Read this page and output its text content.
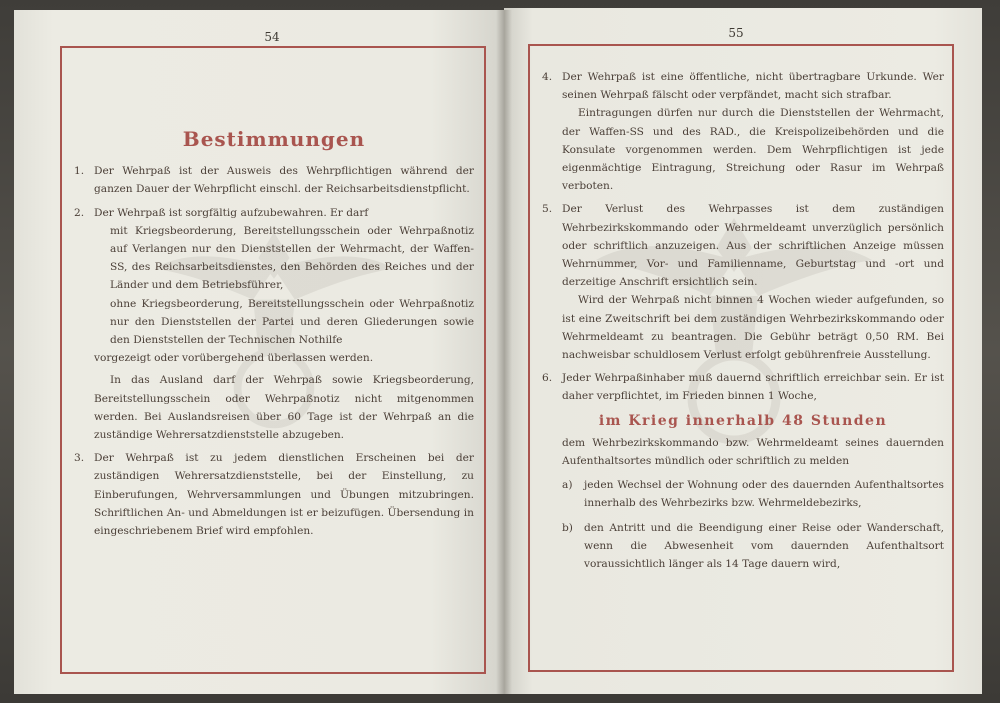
54
Bestimmungen
1. Der Wehrpaß ist der Ausweis des Wehrpflichtigen während der ganzen Dauer der Wehrpflicht einschl. der Reichsarbeitsdienstpflicht.
2. Der Wehrpaß ist sorgfältig aufzubewahren. Er darf
mit Kriegsbeorderung, Bereitstellungsschein oder Wehrpaßnotiz auf Verlangen nur den Dienststellen der Wehrmacht, der Waffen-SS, des Reichsarbeitsdienstes, den Behörden des Reiches und der Länder und dem Betriebsführer,
ohne Kriegsbeorderung, Bereitstellungsschein oder Wehrpaßnotiz nur den Dienststellen der Partei und deren Gliederungen sowie den Dienststellen der Technischen Nothilfe
vorgezeigt oder vorübergehend überlassen werden.
In das Ausland darf der Wehrpaß sowie Kriegsbeorderung, Bereitstellungsschein oder Wehrpaßnotiz nicht mitgenommen werden. Bei Auslandsreisen über 60 Tage ist der Wehrpaß an die zuständige Wehrersatzdienststelle abzugeben.
3. Der Wehrpaß ist zu jedem dienstlichen Erscheinen bei der zuständigen Wehrersatzdienststelle, bei der Einstellung, zu Einberufungen, Wehrversammlungen und Übungen mitzubringen. Schriftlichen An- und Abmeldungen ist er beizufügen. Übersendung in eingeschriebenem Brief wird empfohlen.
55
4. Der Wehrpaß ist eine öffentliche, nicht übertragbare Urkunde. Wer seinen Wehrpaß fälscht oder verpfändet, macht sich strafbar.
Eintragungen dürfen nur durch die Dienststellen der Wehrmacht, der Waffen-SS und des RAD., die Kreispolizeibehörden und die Konsulate vorgenommen werden. Dem Wehrpflichtigen ist jede eigenmächtige Eintragung, Streichung oder Rasur im Wehrpaß verboten.
5. Der Verlust des Wehrpasses ist dem zuständigen Wehrbezirkskommando oder Wehrmeldeamt unverzüglich persönlich oder schriftlich anzuzeigen. Aus der schriftlichen Anzeige müssen Wehrnummer, Vor- und Familienname, Geburtstag und -ort und derzeitige Anschrift ersichtlich sein.
Wird der Wehrpaß nicht binnen 4 Wochen wieder aufgefunden, so ist eine Zweitschrift bei dem zuständigen Wehrbezirkskommando oder Wehrmeldeamt zu beantragen. Die Gebühr beträgt 0,50 RM. Bei nachweisbar schuldlosem Verlust erfolgt gebührenfreie Ausstellung.
6. Jeder Wehrpaßinhaber muß dauernd schriftlich erreichbar sein. Er ist daher verpflichtet, im Frieden binnen 1 Woche,
im Krieg innerhalb 48 Stunden
dem Wehrbezirkskommando bzw. Wehrmeldeamt seines dauernden Aufenthaltsortes mündlich oder schriftlich zu melden
a)	jeden Wechsel der Wohnung oder des dauernden Aufenthaltsortes innerhalb des Wehrbezirks bzw. Wehrmeldebezirks,
b)	den Antritt und die Beendigung einer Reise oder Wanderschaft, wenn die Abwesenheit vom dauernden Aufenthaltsort voraussichtlich länger als 14 Tage dauern wird,
